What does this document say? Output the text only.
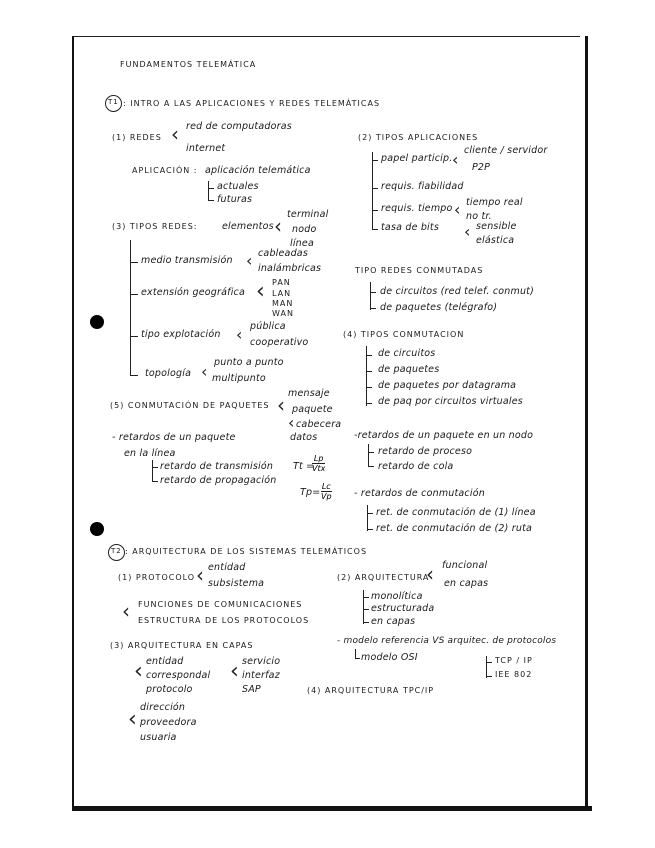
FUNDAMENTOS TELEMÁTICA
T1 : INTRO A LAS APLICACIONES Y REDES TELEMÁTICAS
(1) REDES ‹ red de computadoras
internet
APLICACIÓN : aplicación telemática
actuales
futuras
(2) TIPOS APLICACIONES
papel particip. ‹ cliente / servidor
P2P
requis. fiabilidad
requis. tiempo ‹ tiempo real
no tr.
tasa de bits ‹ sensible
elástica
(3) TIPOS REDES:	elementos ‹ terminal
nodo
línea
medio transmisión ‹ cableadas
inalámbricas
extensión geográfica ‹ PAN
LAN
MAN
WAN
tipo explotación ‹ pública
cooperativo
topología ‹ punto a punto
multipunto
TIPO REDES CONMUTADAS
de circuitos (red telef. conmut)
de paquetes (telégrafo)
(4) TIPOS CONMUTACION
de circuitos
de paquetes
de paquetes por datagrama
de paq por circuitos virtuales
(5) CONMUTACIÓN DE PAQUETES ‹ mensaje
paquete
‹ cabecera
datos
- retardos de un paquete
en la línea
retardo de transmisión
retardo de propagación
Tt =
Lp
Vtx
$Tp= \frac{Lc}{Vp}$
-retardos de un paquete en un nodo
retardo de proceso
retardo de cola
- retardos de conmutación
ret. de conmutación de (1) línea
ret. de conmutación de (2) ruta
T2 : ARQUITECTURA DE LOS SISTEMAS TELEMÁTICOS
(1) PROTOCOLO ‹ entidad
subsistema
‹ FUNCIONES DE COMUNICACIONES
ESTRUCTURA DE LOS PROTOCOLOS
(2) ARQUITECTURA
‹ funcional
en capas
monolítica
estructurada
en capas
(3) ARQUITECTURA EN CAPAS
‹ entidad
correspondal
protocolo
‹ servicio
interfaz
SAP
‹ dirección
proveedora
usuaria
- modelo referencia VS arquitec. de protocolos
modelo OSI	TCP / IP
IEE 802
(4) ARQUITECTURA TPC/IP
